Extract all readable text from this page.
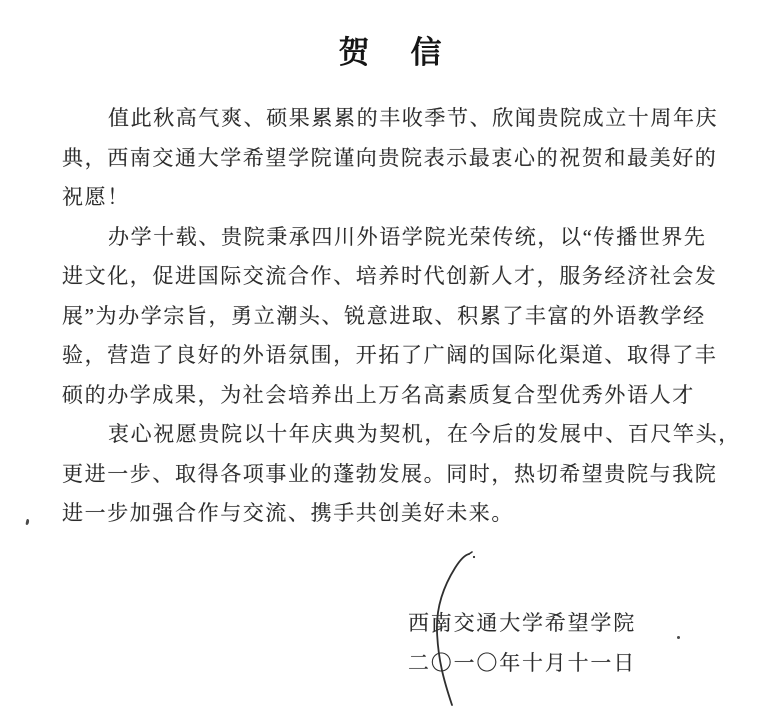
贺　信
值此秋高气爽、硕果累累的丰收季节、欣闻贵院成立十周年庆
典，西南交通大学希望学院谨向贵院表示最衷心的祝贺和最美好的
祝愿！
办学十载、贵院秉承四川外语学院光荣传统，以“传播世界先
进文化，促进国际交流合作、培养时代创新人才，服务经济社会发
展”为办学宗旨，勇立潮头、锐意进取、积累了丰富的外语教学经
验，营造了良好的外语氛围，开拓了广阔的国际化渠道、取得了丰
硕的办学成果，为社会培养出上万名高素质复合型优秀外语人才
衷心祝愿贵院以十年庆典为契机，在今后的发展中、百尺竿头，
更进一步、取得各项事业的蓬勃发展。同时，热切希望贵院与我院
进一步加强合作与交流、携手共创美好未来。
西南交通大学希望学院
二〇一〇年十月十一日
